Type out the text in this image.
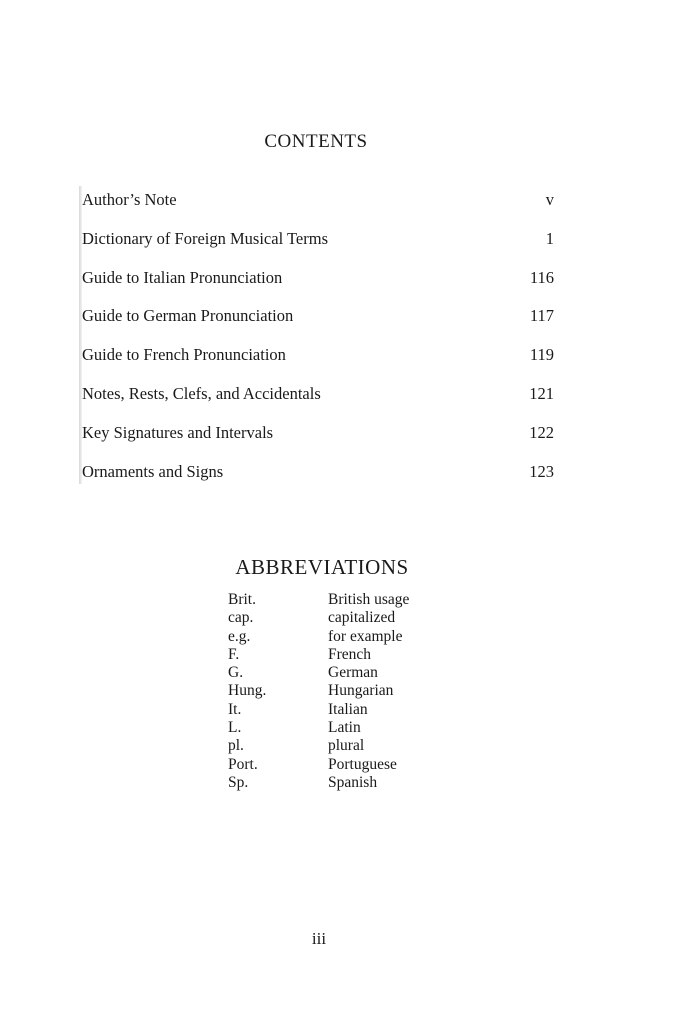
CONTENTS
Author’s Note	v
Dictionary of Foreign Musical Terms	1
Guide to Italian Pronunciation	116
Guide to German Pronunciation	117
Guide to French Pronunciation	119
Notes, Rests, Clefs, and Accidentals	121
Key Signatures and Intervals	122
Ornaments and Signs	123
ABBREVIATIONS
Brit.	British usage
cap.	capitalized
e.g.	for example
F.	French
G.	German
Hung.	Hungarian
It.	Italian
L.	Latin
pl.	plural
Port.	Portuguese
Sp.	Spanish
iii
